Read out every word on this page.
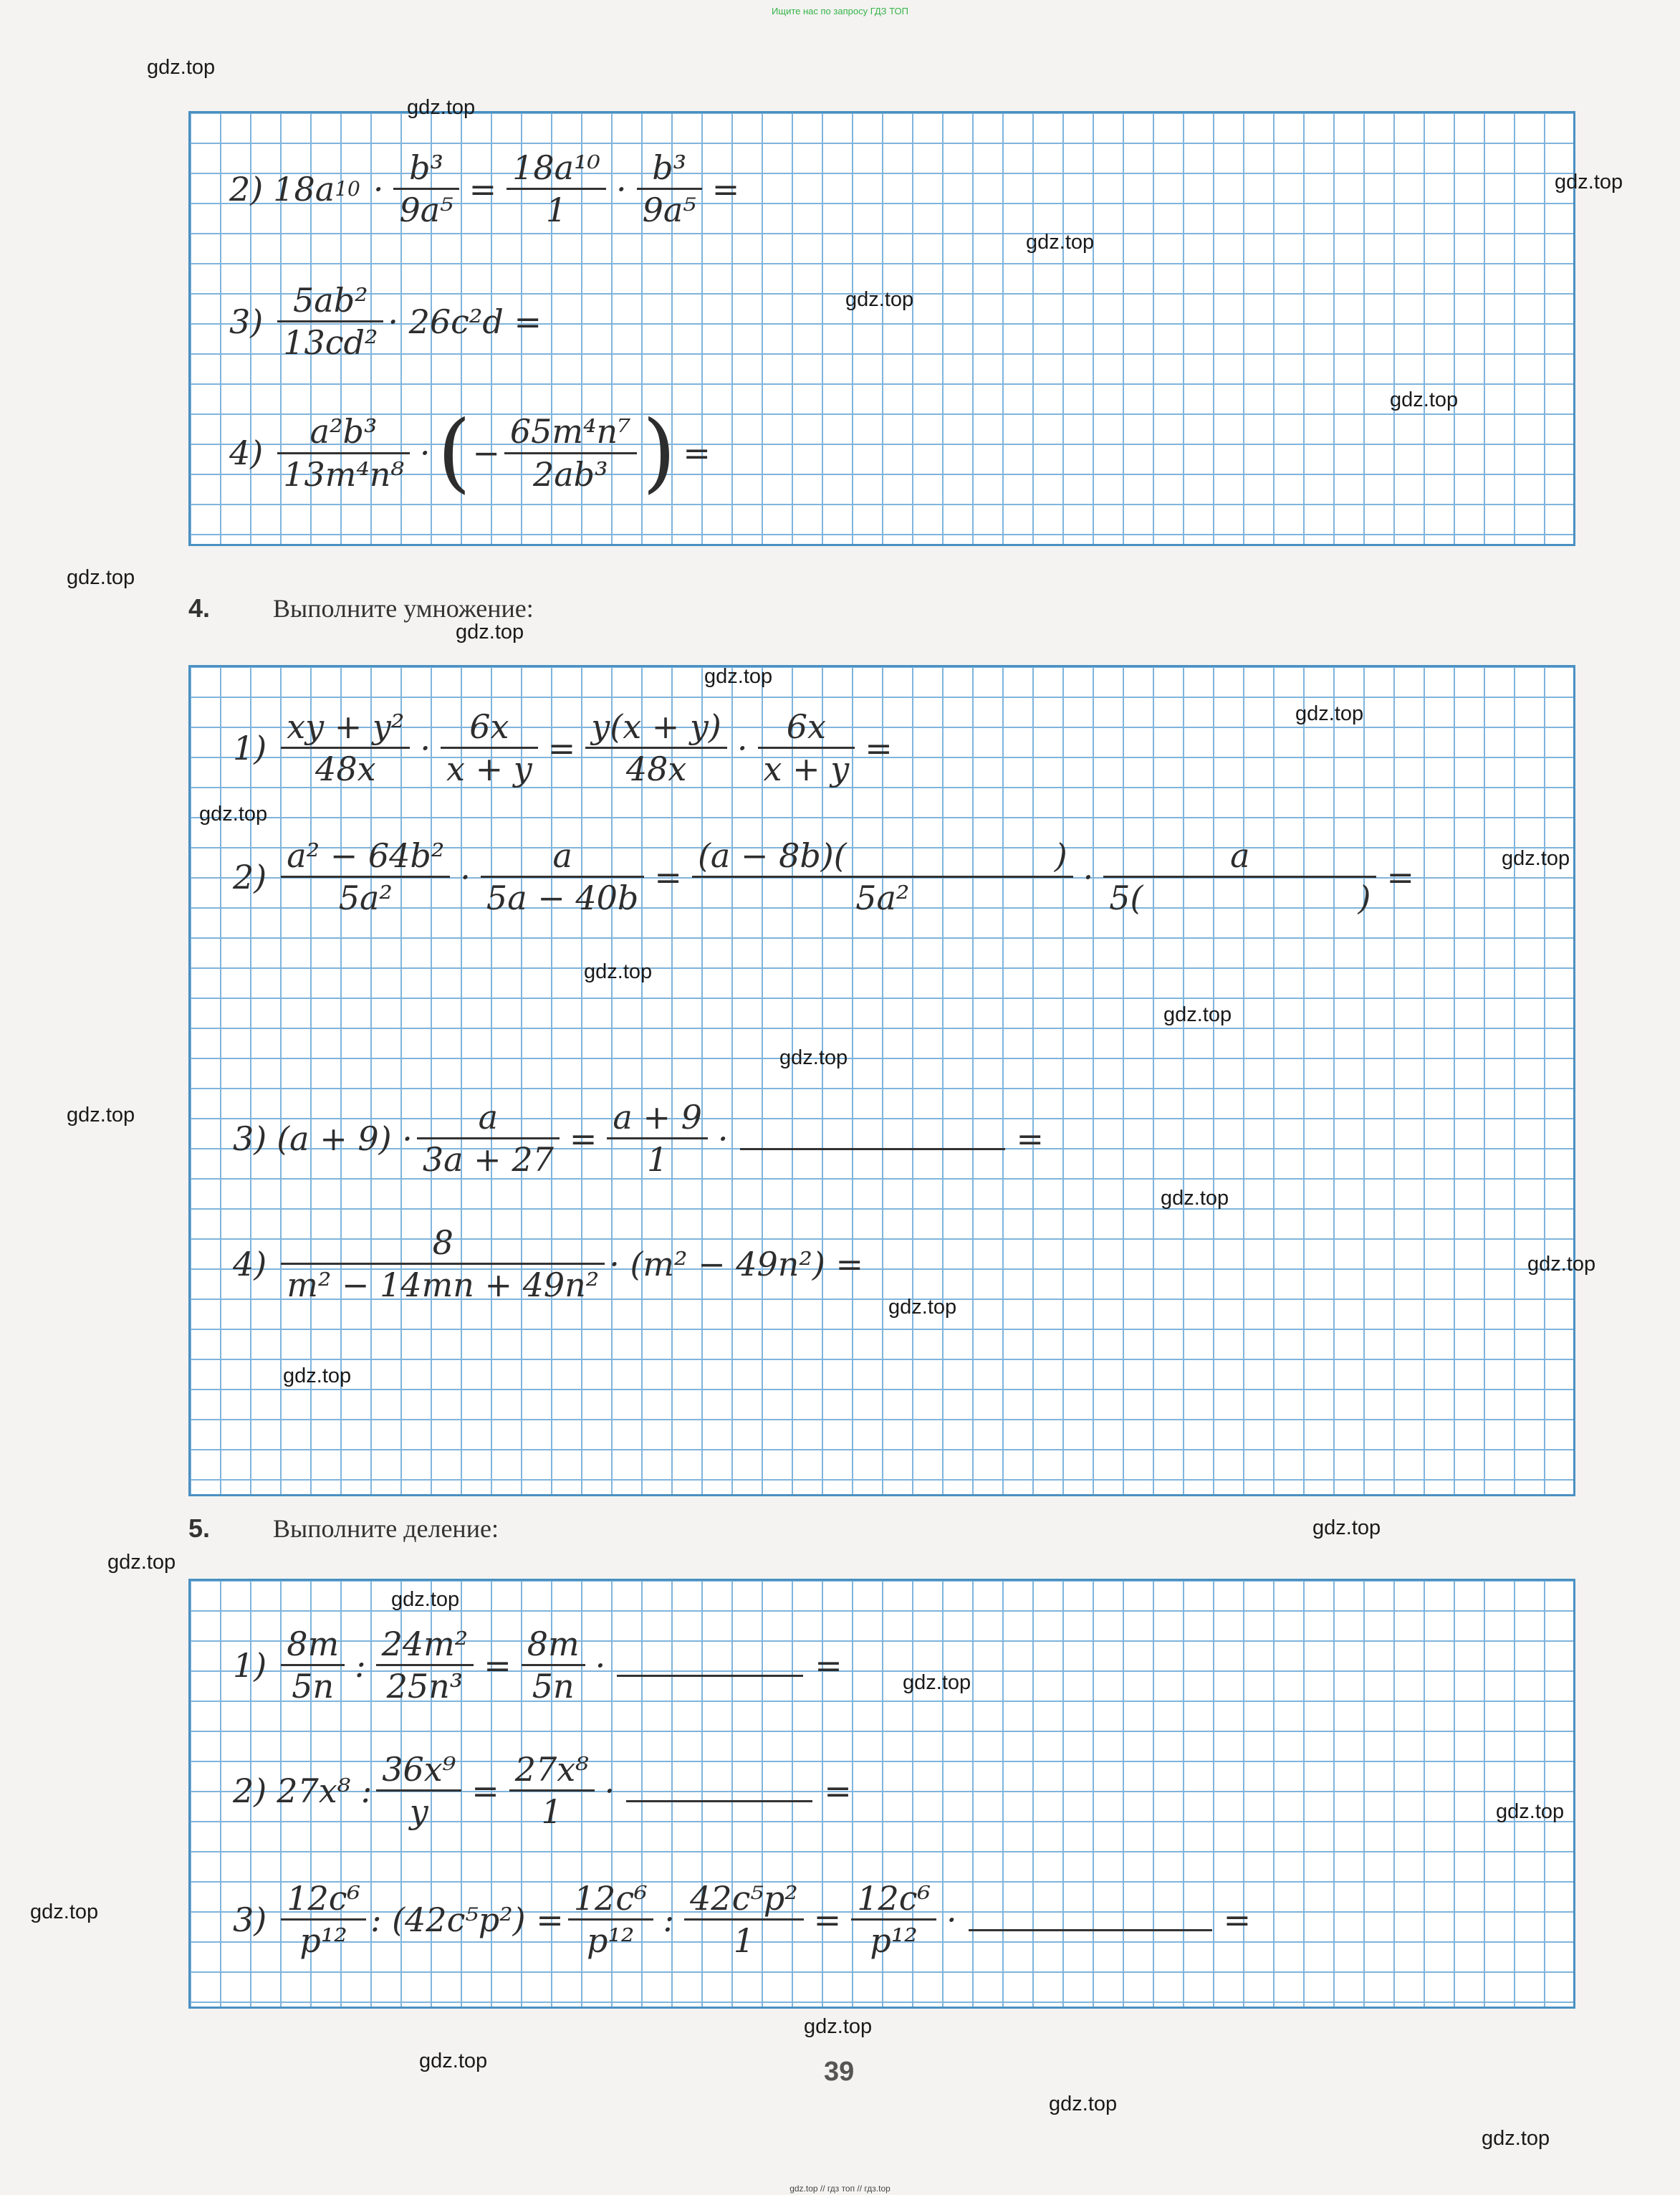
Ищите нас по запросу ГДЗ ТОП
2) 18a $10 \cdot \frac{\text{b³}}{\text{9a⁵}} = \frac{\text{18a¹⁰}}{1} \cdot \frac{\text{b³}}{\text{9a⁵}}$ =
$3) \frac{\text{5ab²}}{\text{13cd²}} \cdot 26c^2d$ =
$4) \frac{\text{a²b³}}{\text{13m⁴n⁸}}$ · ( − $\frac{\text{65m⁴n⁷}}{\text{2ab³}}$ ) =
4. Выполните умножение:
$1) \frac{\text{xy + y²}}{48x} \cdot \frac{6x}{x + y} = \frac{y(x + y)}{48x} \cdot \frac{6x}{x + y}$ =
$2) \frac{\text{a² − 64b²}}{\text{5a²}} \cdot \frac{a}{5a - 40b} = (a - 8b)$(	)
5a² · a
5(	) =
3) $(a + 9) \cdot \frac{a}{3a + 27} = \frac{a + 9}{1}$ ·	=
$4) \frac{8}{\text{m² − 14mn + 49n²}} \cdot (m^2 - 49n^2)$ =
5. Выполните деление:
$1) \frac{8m}{5n}$ : $\frac{\text{24m²}}{\text{25n³}} = \frac{8m}{5n}$ ·	=
2) 27x⁸ : $\frac{\text{36x⁹}}{y} = \frac{\text{27x⁸}}{1}$ ·	=
$3) \frac{\text{12c⁶}}{\text{p¹²}}$ : $(42c^5p^2) = \frac{\text{12c⁶}}{\text{p¹²}}$ : $\frac{\text{42c⁵p²}}{1} = \frac{\text{12c⁶}}{\text{p¹²}}$ ·	=
39
gdz.top
gdz.top
gdz.top
gdz.top
gdz.top
gdz.top
gdz.top
gdz.top
gdz.top
gdz.top
gdz.top
gdz.top
gdz.top
gdz.top
gdz.top
gdz.top
gdz.top
gdz.top
gdz.top
gdz.top
gdz.top
gdz.top
gdz.top
gdz.top
gdz.top
gdz.top
gdz.top
gdz.top
gdz.top
gdz.top
gdz.top // гдз топ // гдз.top
